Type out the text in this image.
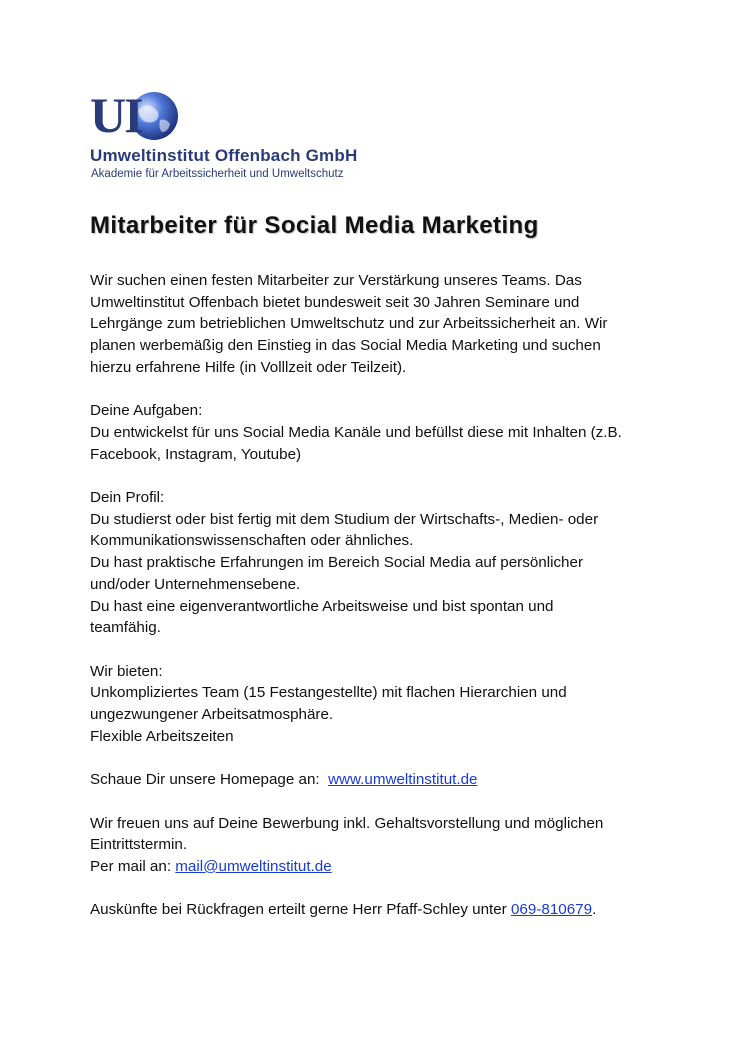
UI
Umweltinstitut Offenbach GmbH
Akademie für Arbeitssicherheit und Umweltschutz
Mitarbeiter für Social Media Marketing

Wir suchen einen festen Mitarbeiter zur Verstärkung unseres Teams. Das

Umweltinstitut Offenbach bietet bundesweit seit 30 Jahren Seminare und

Lehrgänge zum betrieblichen Umweltschutz und zur Arbeitssicherheit an. Wir

planen werbemäßig den Einstieg in das Social Media Marketing und suchen

hierzu erfahrene Hilfe (in Volllzeit oder Teilzeit).

Deine Aufgaben:

Du entwickelst für uns Social Media Kanäle und befüllst diese mit Inhalten (z.B.

Facebook, Instagram, Youtube)

Dein Profil:

Du studierst oder bist fertig mit dem Studium der Wirtschafts-, Medien- oder

Kommunikationswissenschaften oder ähnliches.

Du hast praktische Erfahrungen im Bereich Social Media auf persönlicher

und/oder Unternehmensebene.

Du hast eine eigenverantwortliche Arbeitsweise und bist spontan und

teamfähig.

Wir bieten:

Unkompliziertes Team (15 Festangestellte) mit flachen Hierarchien und

ungezwungener Arbeitsatmosphäre.

Flexible Arbeitszeiten

Schaue Dir unsere Homepage an: www.umweltinstitut.de

Wir freuen uns auf Deine Bewerbung inkl. Gehaltsvorstellung und möglichen

Eintrittstermin.

Per mail an: mail@umweltinstitut.de

Auskünfte bei Rückfragen erteilt gerne Herr Pfaff-Schley unter 069-810679.
